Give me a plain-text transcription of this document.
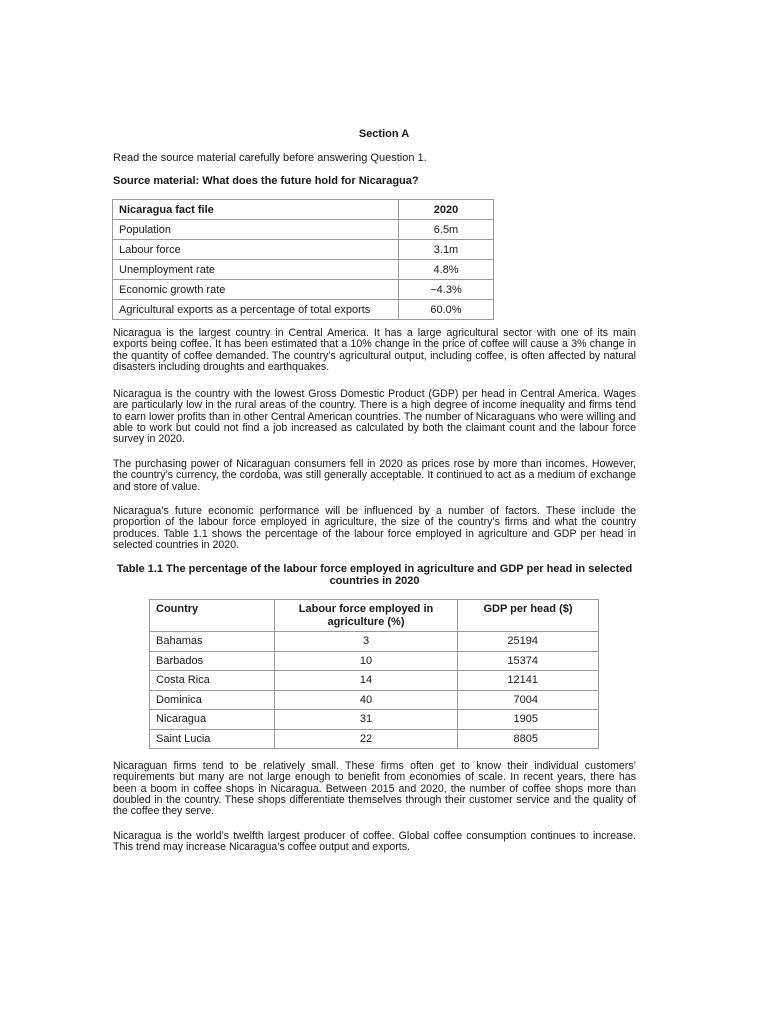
Section A
Read the source material carefully before answering Question 1.
Source material: What does the future hold for Nicaragua?
Nicaragua fact file	2020
Population	6.5m
Labour force	3.1m
Unemployment rate	4.8%
Economic growth rate	−4.3%
Agricultural exports as a percentage of total exports	60.0%

Nicaragua is the largest country in Central America. It has a large agricultural sector with one of its main exports being coffee. It has been estimated that a 10% change in the price of coffee will cause a 3% change in the quantity of coffee demanded. The country’s agricultural output, including coffee, is often affected by natural disasters including droughts and earthquakes.

Nicaragua is the country with the lowest Gross Domestic Product (GDP) per head in Central America. Wages are particularly low in the rural areas of the country. There is a high degree of income inequality and firms tend to earn lower profits than in other Central American countries. The number of Nicaraguans who were willing and able to work but could not find a job increased as calculated by both the claimant count and the labour force survey in 2020.

The purchasing power of Nicaraguan consumers fell in 2020 as prices rose by more than incomes. However, the country’s currency, the cordoba, was still generally acceptable. It continued to act as a medium of exchange and store of value.

Nicaragua’s future economic performance will be influenced by a number of factors. These include the proportion of the labour force employed in agriculture, the size of the country’s firms and what the country produces. Table 1.1 shows the percentage of the labour force employed in agriculture and GDP per head in selected countries in 2020.

Table 1.1 The percentage of the labour force employed in agriculture and GDP per head in selected countries in 2020
Country	Labour force employed in agriculture (%)	GDP per head ($)
Bahamas	3	25194
Barbados	10	15374
Costa Rica	14	12141
Dominica	40	7004
Nicaragua	31	1905
Saint Lucia	22	8805

Nicaraguan firms tend to be relatively small. These firms often get to know their individual customers’ requirements but many are not large enough to benefit from economies of scale. In recent years, there has been a boom in coffee shops in Nicaragua. Between 2015 and 2020, the number of coffee shops more than doubled in the country. These shops differentiate themselves through their customer service and the quality of the coffee they serve.

Nicaragua is the world’s twelfth largest producer of coffee. Global coffee consumption continues to increase. This trend may increase Nicaragua’s coffee output and exports.
